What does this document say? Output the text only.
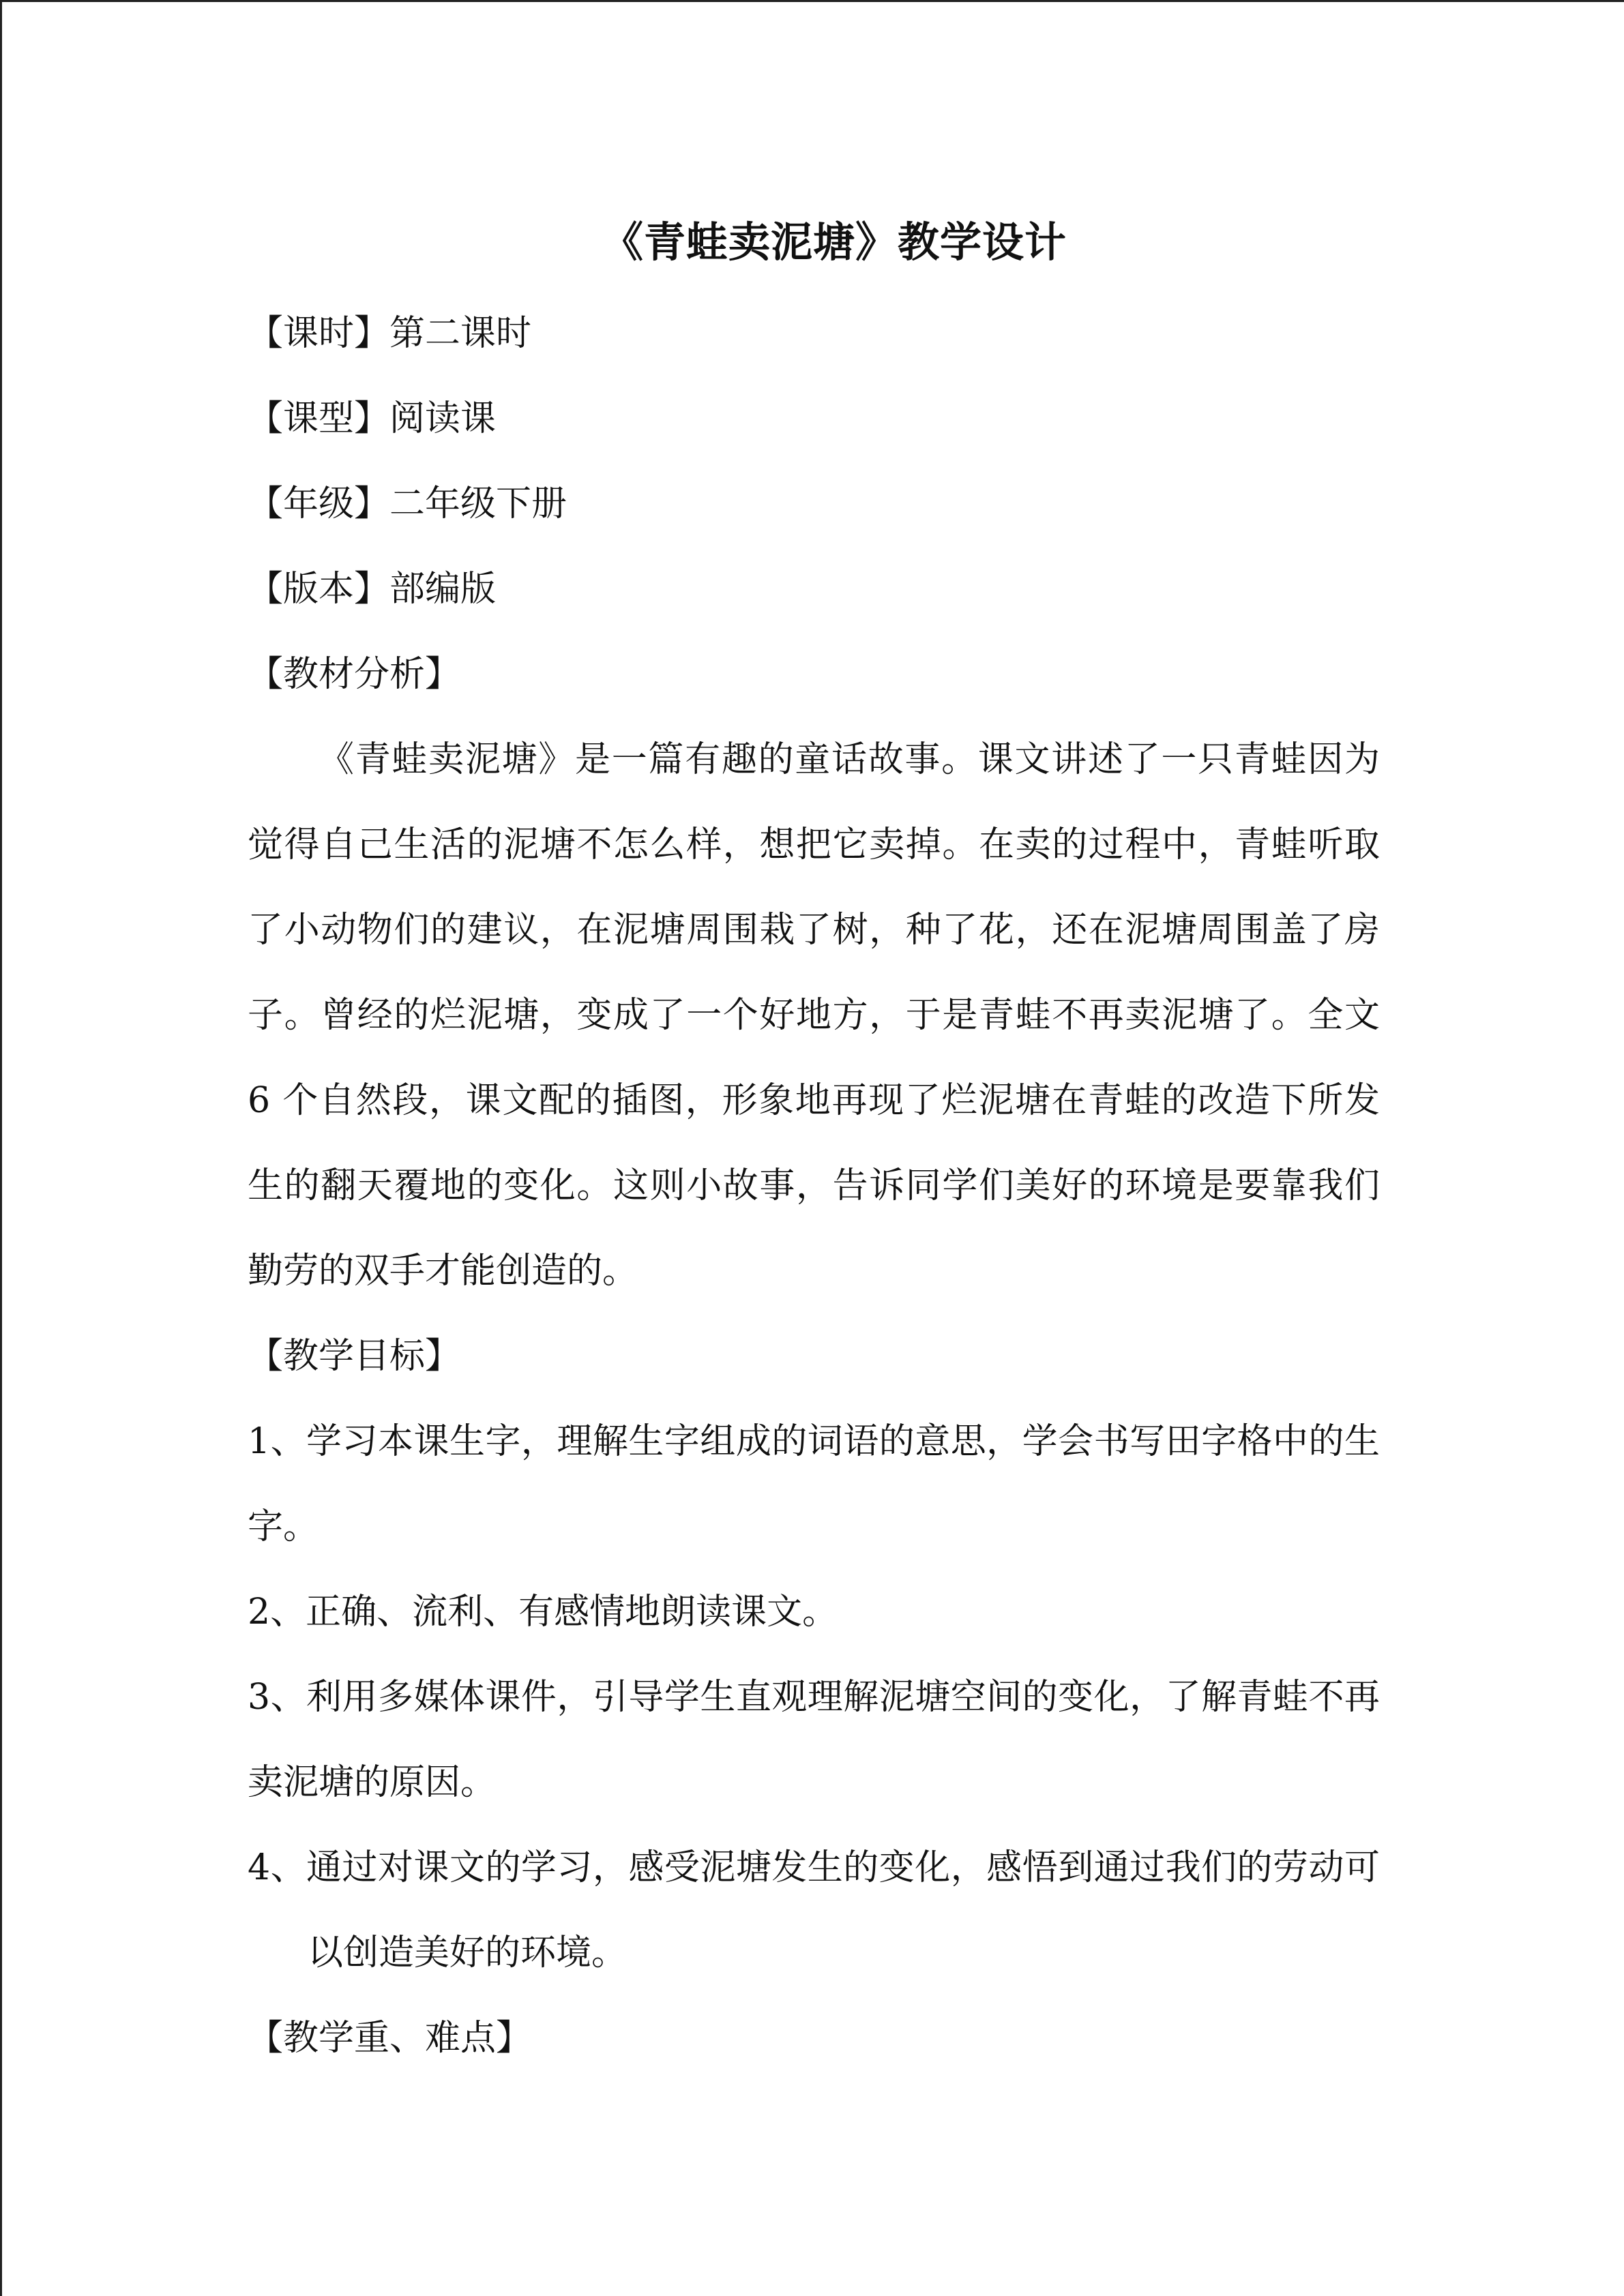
《青蛙卖泥塘》教学设计
【课时】第二课时
【课型】阅读课
【年级】二年级下册
【版本】部编版
【教材分析】

《青蛙卖泥塘》是一篇有趣的童话故事。课文讲述了一只青蛙因为觉得自己生活的泥塘不怎么样，想把它卖掉。在卖的过程中，青蛙听取了小动物们的建议，在泥塘周围栽了树，种了花，还在泥塘周围盖了房子。曾经的烂泥塘，变成了一个好地方，于是青蛙不再卖泥塘了。全文 6 个自然段，课文配的插图，形象地再现了烂泥塘在青蛙的改造下所发生的翻天覆地的变化。这则小故事，告诉同学们美好的环境是要靠我们勤劳的双手才能创造的。

【教学目标】

1、学习本课生字，理解生字组成的词语的意思，学会书写田字格中的生字。

2、正确、流利、有感情地朗读课文。

3、利用多媒体课件，引导学生直观理解泥塘空间的变化，了解青蛙不再卖泥塘的原因。

4、通过对课文的学习，感受泥塘发生的变化，感悟到通过我们的劳动可以创造美好的环境。

【教学重、难点】
